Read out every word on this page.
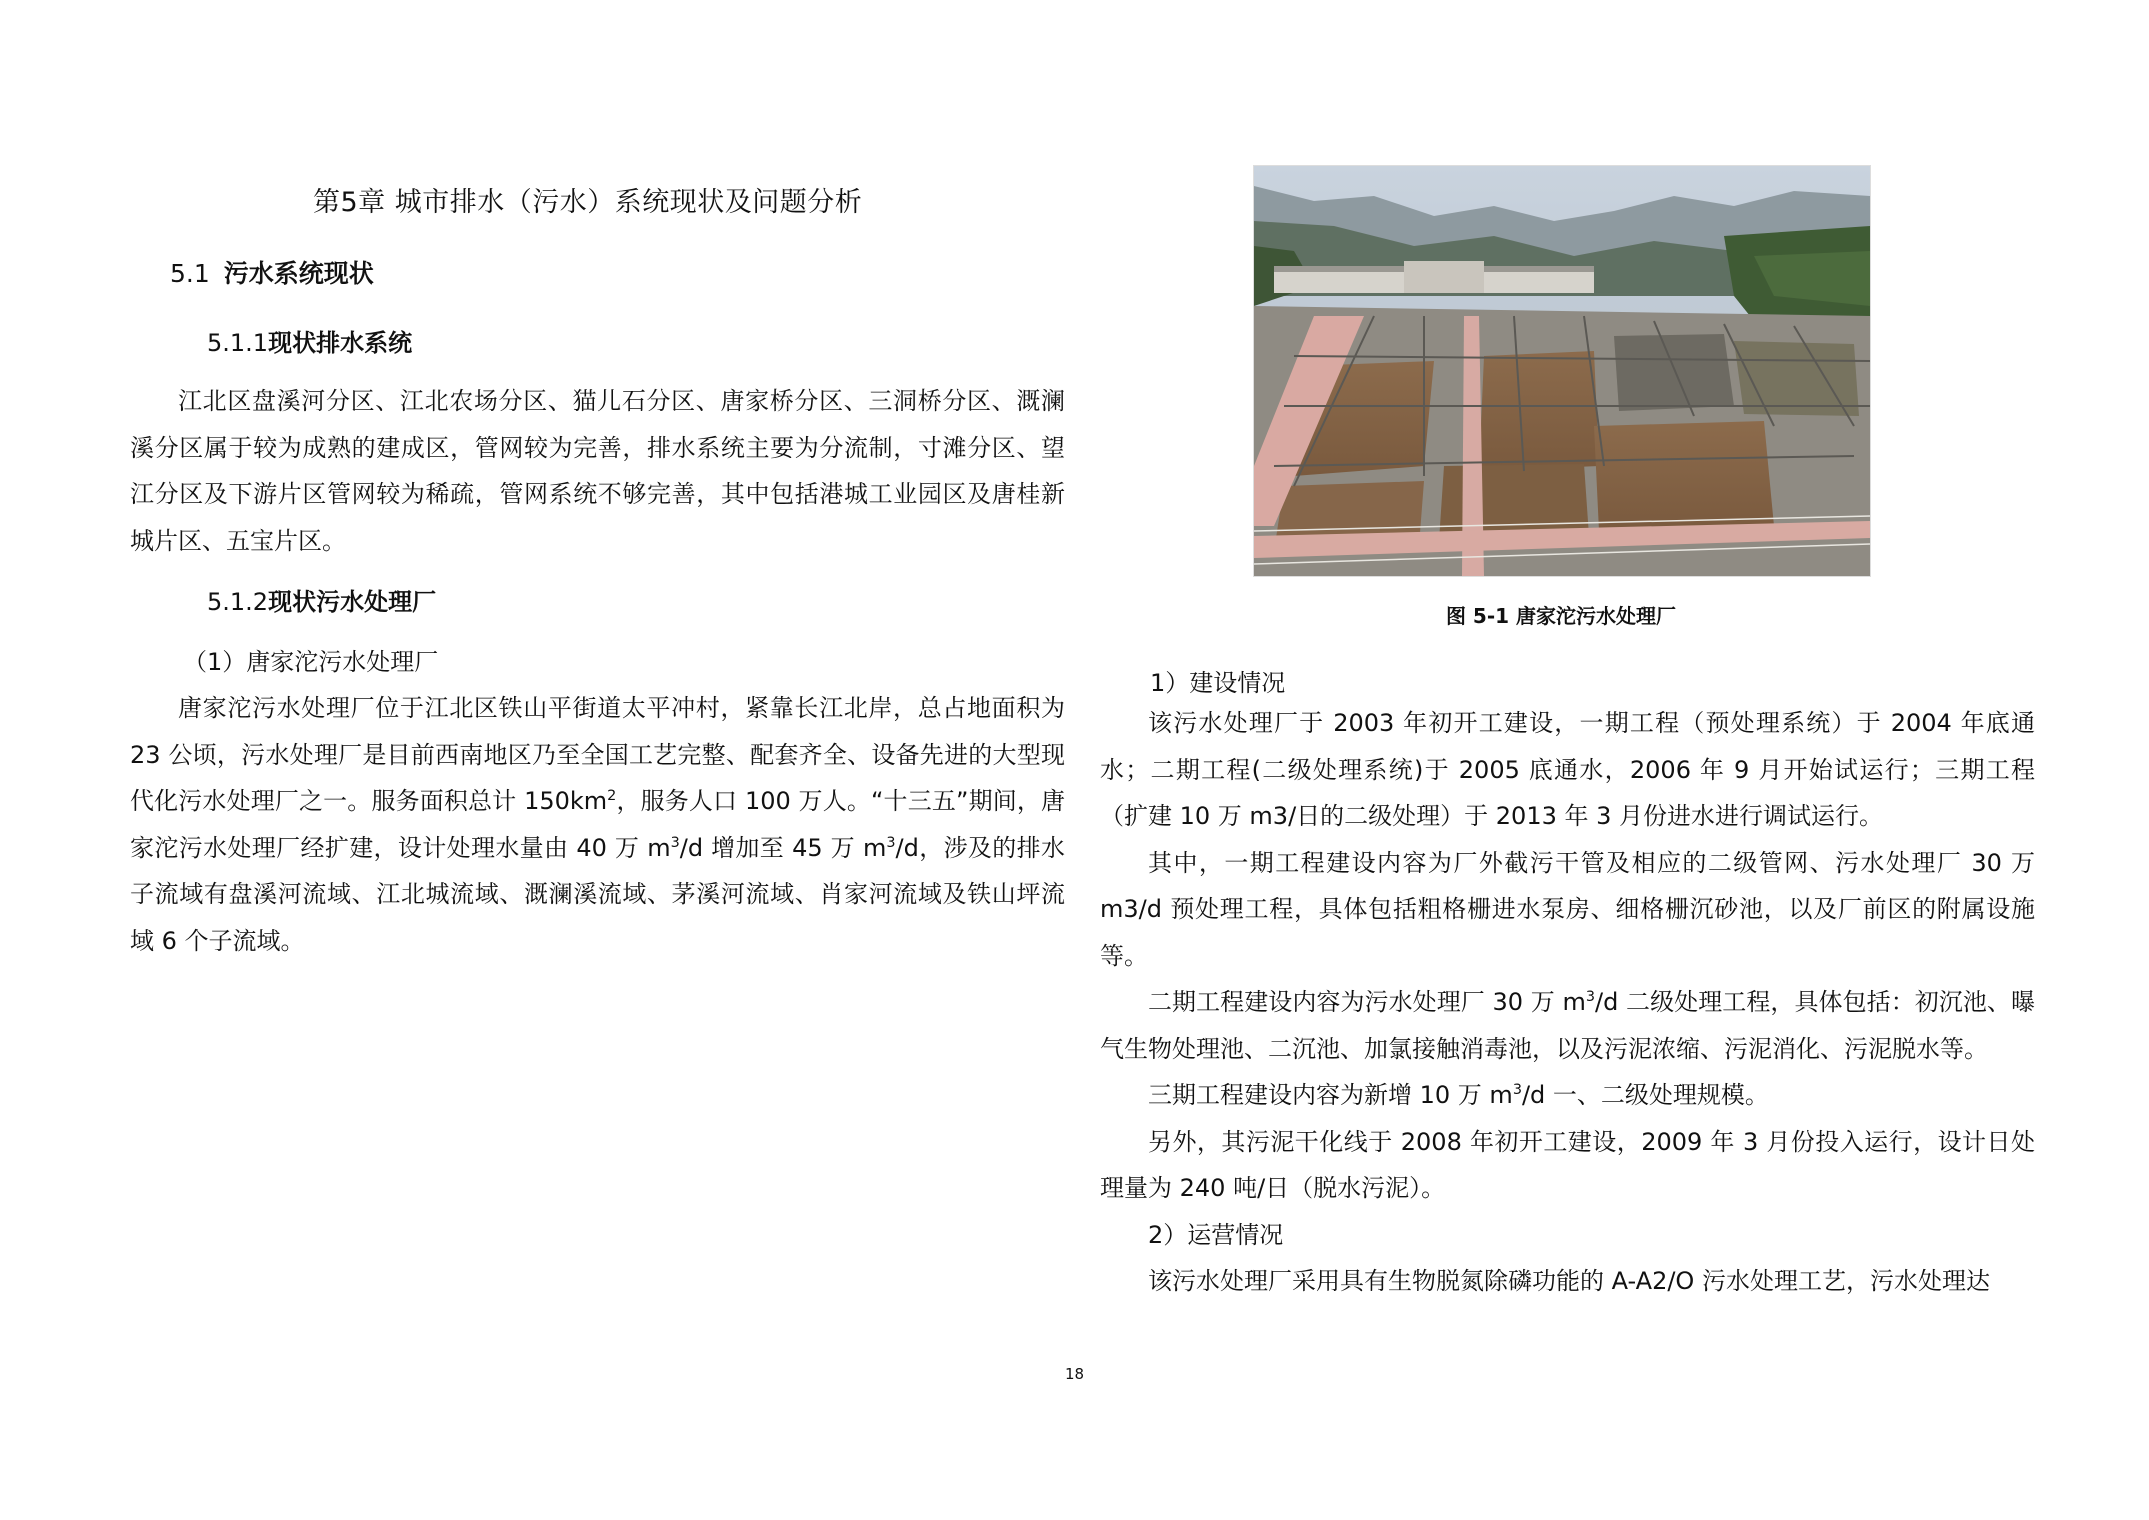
第5章 城市排水（污水）系统现状及问题分析
5.1 污水系统现状
5.1.1现状排水系统

江北区盘溪河分区、江北农场分区、猫儿石分区、唐家桥分区、三洞桥分区、溉澜溪分区属于较为成熟的建成区，管网较为完善，排水系统主要为分流制，寸滩分区、望江分区及下游片区管网较为稀疏，管网系统不够完善，其中包括港城工业园区及唐桂新城片区、五宝片区。

5.1.2现状污水处理厂
（1）唐家沱污水处理厂

唐家沱污水处理厂位于江北区铁山平街道太平冲村，紧靠长江北岸，总占地面积为 23 公顷，污水处理厂是目前西南地区乃至全国工艺完整、配套齐全、设备先进的大型现代化污水处理厂之一。服务面积总计 $150km^2$，服务人口 100 万人。“十三五”期间，唐家沱污水处理厂经扩建，设计处理水量由 40 万 $m^3/d$ 增加至 45 万 $m^3/d$，涉及的排水子流域有盘溪河流域、江北城流域、溉澜溪流域、茅溪河流域、肖家河流域及铁山坪流域 6 个子流域。

图 5-1 唐家沱污水处理厂
1）建设情况

该污水处理厂于 2003 年初开工建设，一期工程（预处理系统）于 2004 年底通水；二期工程(二级处理系统)于 2005 底通水，2006 年 9 月开始试运行；三期工程（扩建 10 万 m3/日的二级处理）于 2013 年 3 月份进水进行调试运行。

其中，一期工程建设内容为厂外截污干管及相应的二级管网、污水处理厂 30 万 m3/d 预处理工程，具体包括粗格栅进水泵房、细格栅沉砂池，以及厂前区的附属设施等。

二期工程建设内容为污水处理厂 30 万 $m^3/d$ 二级处理工程，具体包括：初沉池、曝气生物处理池、二沉池、加氯接触消毒池，以及污泥浓缩、污泥消化、污泥脱水等。

三期工程建设内容为新增 10 万 $m^3/d$ 一、二级处理规模。

另外，其污泥干化线于 2008 年初开工建设，2009 年 3 月份投入运行，设计日处理量为 240 吨/日（脱水污泥）。

2）运营情况

该污水处理厂采用具有生物脱氮除磷功能的 A-A2/O 污水处理工艺，污水处理达

18
